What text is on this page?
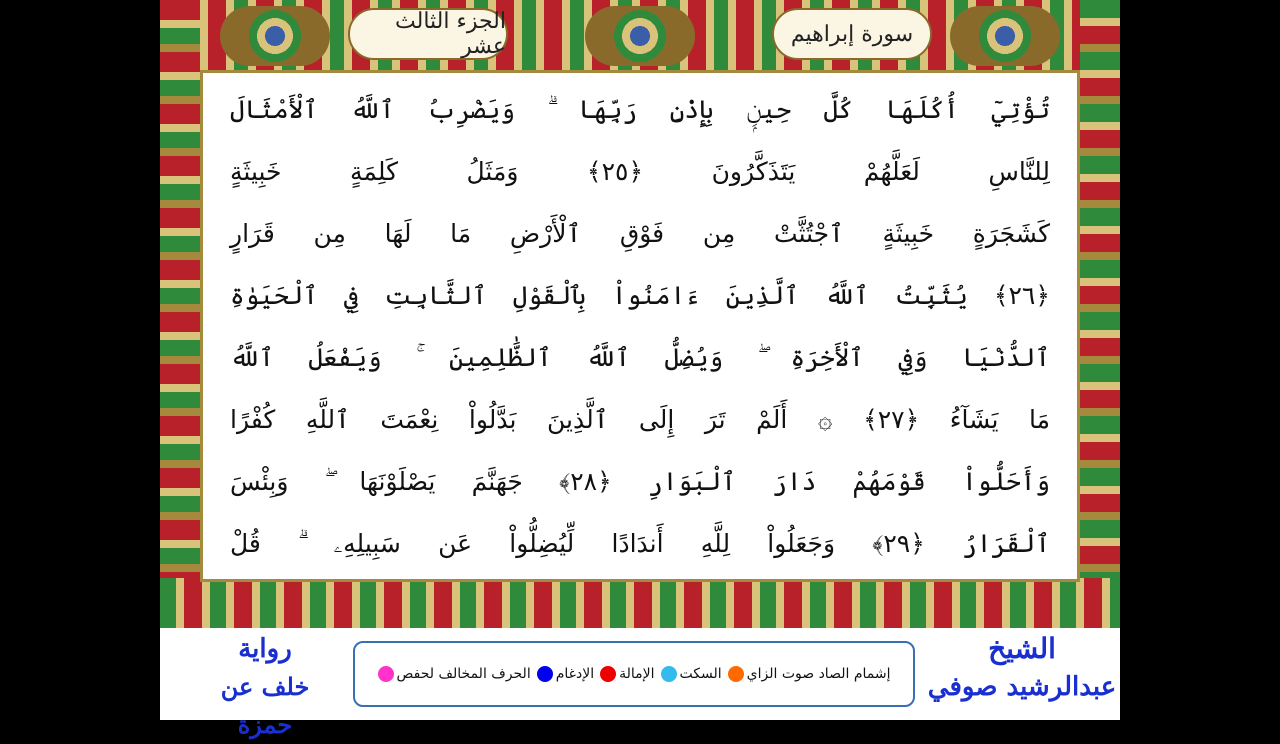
سورة إبراهيم
الجزء الثالث عشر
تُؤْتِيٓ أُكُلَهَا كُلَّ حِينِۭ بِإِذْنِ رَبِّهَا ۗ وَيَضْرِبُ ٱللَّهُ ٱلْأَمْثَالَ
لِلنَّاسِ لَعَلَّهُمْ يَتَذَكَّرُونَ ﴿٢٥﴾ وَمَثَلُ كَلِمَةٍ خَبِيثَةٍ
كَشَجَرَةٍ خَبِيثَةٍ ٱجْتُثَّتْ مِن فَوْقِ ٱلْأَرْضِ مَا لَهَا مِن قَرَارٍ
﴿٢٦﴾ يُثَبِّتُ ٱللَّهُ ٱلَّذِينَ ءَامَنُواْ بِٱلْقَوْلِ ٱلثَّابِتِ فِي ٱلْحَيَوٰةِ
ٱلدُّنْيَا وَفِي ٱلْأَخِرَةِ ۖ وَيُضِلُّ ٱللَّهُ ٱلظَّٰلِمِينَ ۚ وَيَفْعَلُ ٱللَّهُ
مَا يَشَآءُ ﴿٢٧﴾ ۞ أَلَمْ تَرَ إِلَى ٱلَّذِينَ بَدَّلُواْ نِعْمَتَ ٱللَّهِ كُفْرًا
وَأَحَلُّواْ قَوْمَهُمْ دَارَ ٱلْبَوَارِ ﴿٢٨﴾ جَهَنَّمَ يَصْلَوْنَهَا ۖ وَبِئْسَ
ٱلْقَرَارُ ﴿٢٩﴾ وَجَعَلُواْ لِلَّهِ أَندَادًا لِّيُضِلُّواْ عَن سَبِيلِهِۦ ۗ قُلْ
الشيخ
عبدالرشيد صوفي
رواية
خلف عن حمزة
الحرف المخالف لحفص الإدغام الإمالة السكت إشمام الصاد صوت الزاي
